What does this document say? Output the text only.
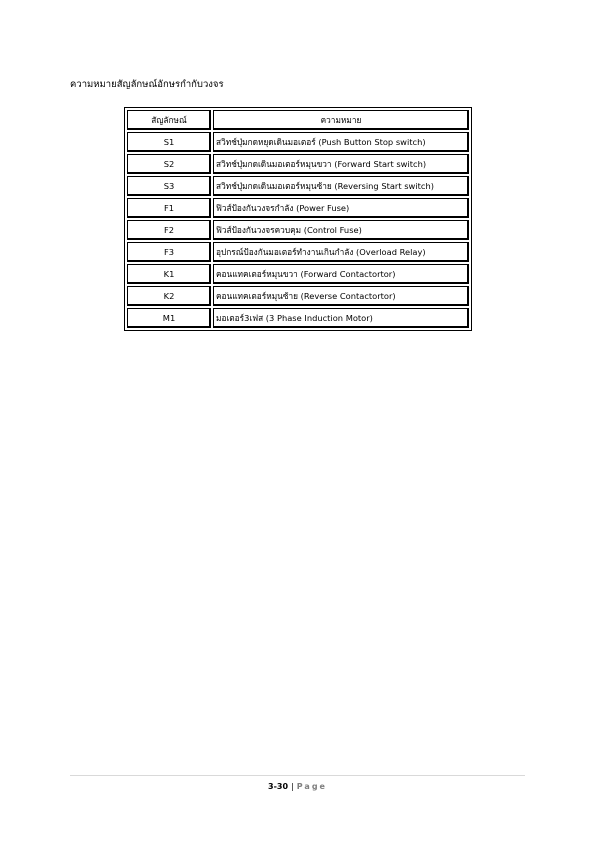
ความหมายสัญลักษณ์อักษรกำกับวงจร
สัญลักษณ์	ความหมาย
S1	สวิทช์ปุ่มกดหยุดเดินมอเตอร์ (Push Button Stop switch)
S2	สวิทช์ปุ่มกดเดินมอเตอร์หมุนขวา (Forward Start switch)
S3	สวิทช์ปุ่มกดเดินมอเตอร์หมุนซ้าย (Reversing Start switch)
F1	ฟิวส์ป้องกันวงจรกำลัง (Power Fuse)
F2	ฟิวส์ป้องกันวงจรควบคุม (Control Fuse)
F3	อุปกรณ์ป้องกันมอเตอร์ทำงานเกินกำลัง (Overload Relay)
K1	คอนแทคเตอร์หมุนขวา (Forward Contactortor)
K2	คอนแทคเตอร์หมุนซ้าย (Reverse Contactortor)
M1	มอเตอร์3เฟส (3 Phase Induction Motor)
3-30 | Page
